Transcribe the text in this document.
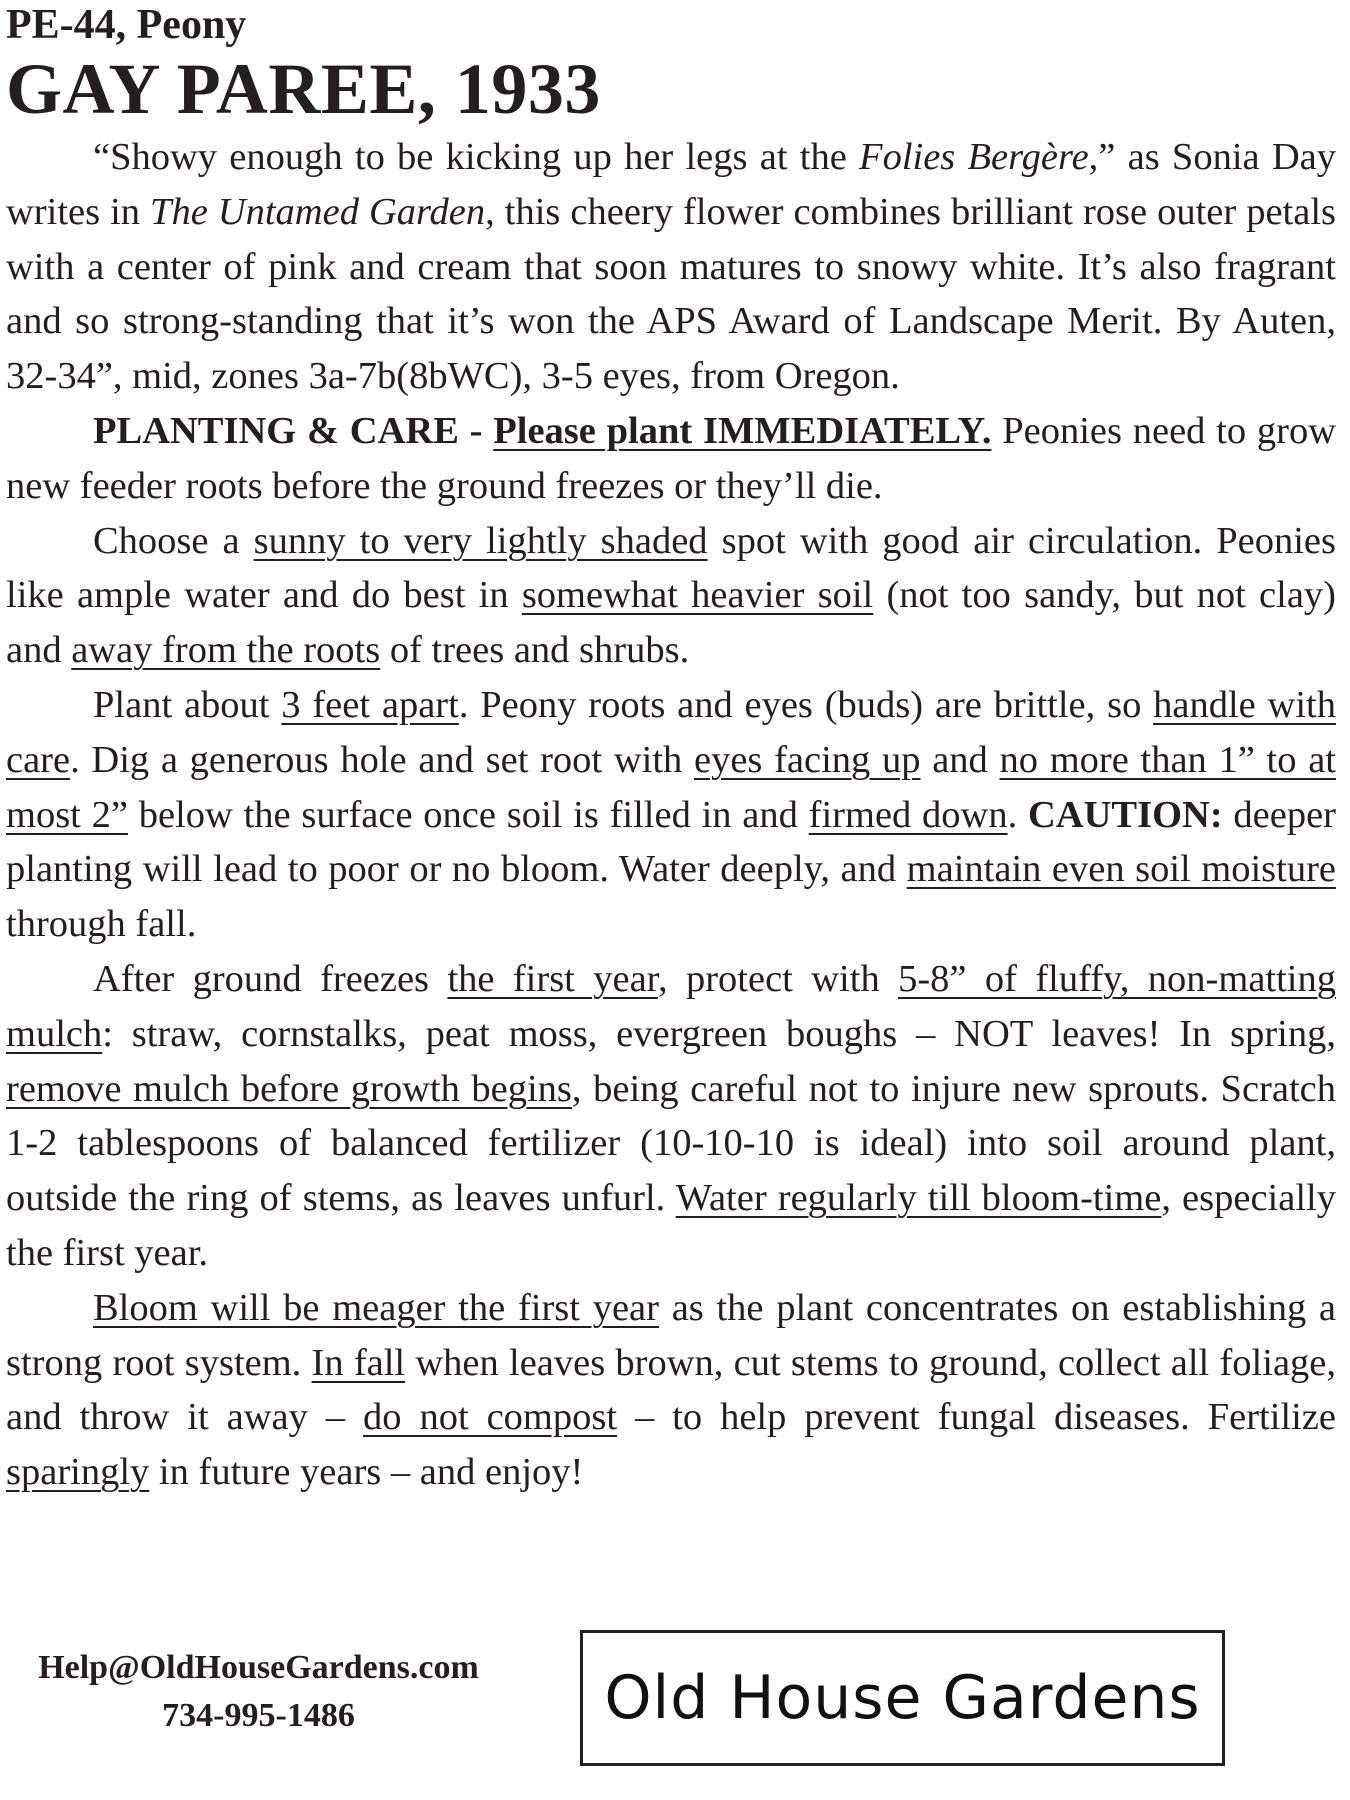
PE-44, Peony

GAY PAREE, 1933

“Showy enough to be kicking up her legs at the Folies Bergère,” as Sonia Day writes in The Untamed Garden, this cheery flower combines brilliant rose outer petals with a center of pink and cream that soon matures to snowy white. It’s also fragrant and so strong-standing that it’s won the APS Award of Landscape Merit. By Auten, 32-34”, mid, zones 3a-7b(8bWC), 3-5 eyes, from Oregon.

PLANTING & CARE - Please plant IMMEDIATELY. Peonies need to grow new feeder roots before the ground freezes or they’ll die.

Choose a sunny to very lightly shaded spot with good air circulation. Peonies like ample water and do best in somewhat heavier soil (not too sandy, but not clay) and away from the roots of trees and shrubs.

Plant about 3 feet apart. Peony roots and eyes (buds) are brittle, so handle with care. Dig a generous hole and set root with eyes facing up and no more than 1” to at most 2” below the surface once soil is filled in and firmed down. CAUTION: deeper planting will lead to poor or no bloom. Water deeply, and maintain even soil moisture through fall.

After ground freezes the first year, protect with 5-8” of fluffy, non-matting mulch: straw, cornstalks, peat moss, evergreen boughs – NOT leaves! In spring, remove mulch before growth begins, being careful not to injure new sprouts. Scratch 1-2 tablespoons of balanced fertilizer (10-10-10 is ideal) into soil around plant, outside the ring of stems, as leaves unfurl. Water regularly till bloom-time, especially the first year.

Bloom will be meager the first year as the plant concentrates on establishing a strong root system. In fall when leaves brown, cut stems to ground, collect all foliage, and throw it away – do not compost – to help prevent fungal diseases. Fertilize sparingly in future years – and enjoy!

Help@OldHouseGardens.com
734-995-1486	Old House Gardens
